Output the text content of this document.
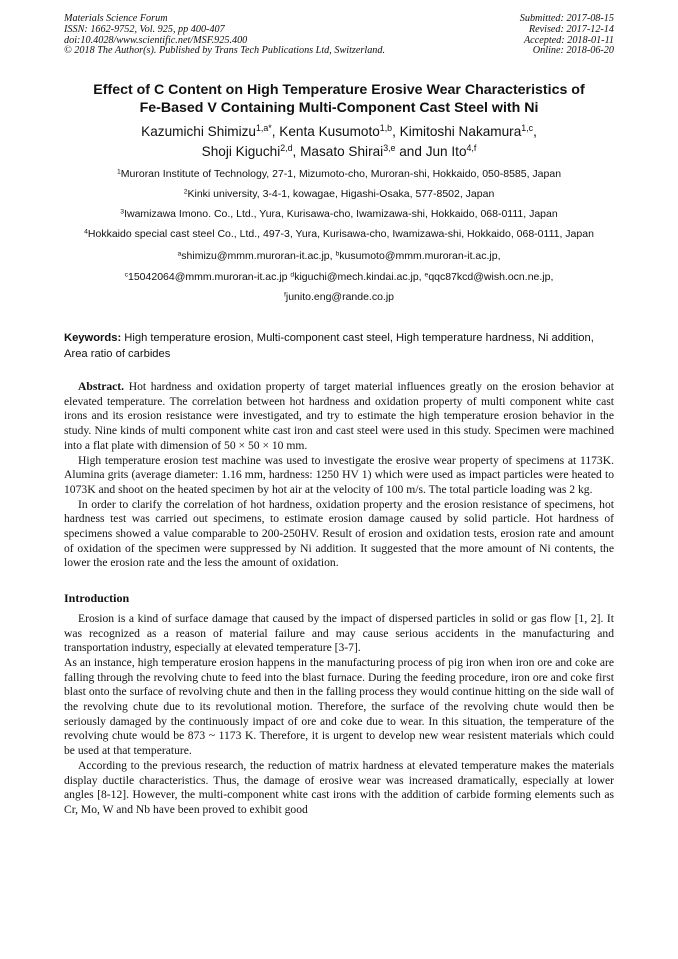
Materials Science Forum
ISSN: 1662-9752, Vol. 925, pp 400-407
doi:10.4028/www.scientific.net/MSF.925.400
© 2018 The Author(s). Published by Trans Tech Publications Ltd, Switzerland.
Submitted: 2017-08-15
Revised: 2017-12-14
Accepted: 2018-01-11
Online: 2018-06-20
Effect of C Content on High Temperature Erosive Wear Characteristics of
Fe-Based V Containing Multi-Component Cast Steel with Ni
Kazumichi Shimizu$^{1,a*}$, Kenta Kusumoto$^{1,b}$, Kimitoshi Nakamura$^{1,c}$,
Shoji Kiguchi$^{2,d}$, Masato Shirai$^{3,e}$ and Jun Ito$^{4,f}$
$^1$Muroran Institute of Technology, 27-1, Mizumoto-cho, Muroran-shi, Hokkaido, 050-8585, Japan
$^2$Kinki university, 3-4-1, kowagae, Higashi-Osaka, 577-8502, Japan
$^3$Iwamizawa Imono. Co., Ltd., Yura, Kurisawa-cho, Iwamizawa-shi, Hokkaido, 068-0111, Japan
$^4$Hokkaido special cast steel Co., Ltd., 497-3, Yura, Kurisawa-cho, Iwamizawa-shi, Hokkaido, 068-0111, Japan
$^a$shimizu@mmm.muroran-it.ac.jp, $^b$kusumoto@mmm.muroran-it.ac.jp,
$^c$15042064@mmm.muroran-it.ac.jp $^d$kiguchi@mech.kindai.ac.jp, $^e$qqc87kcd@wish.ocn.ne.jp,
$^f$junito.eng@rande.co.jp
Keywords: High temperature erosion, Multi-component cast steel, High temperature hardness, Ni addition, Area ratio of carbides

Abstract. Hot hardness and oxidation property of target material influences greatly on the erosion behavior at elevated temperature. The correlation between hot hardness and oxidation property of multi component white cast irons and its erosion resistance were investigated, and try to estimate the high temperature erosion behavior in the study. Nine kinds of multi component white cast iron and cast steel were used in this study. Specimen were machined into a flat plate with dimension of 50 × 50 × 10 mm.

High temperature erosion test machine was used to investigate the erosive wear property of specimens at 1173K. Alumina grits (average diameter: 1.16 mm, hardness: 1250 HV 1) which were used as impact particles were heated to 1073K and shoot on the heated specimen by hot air at the velocity of 100 m/s. The total particle loading was 2 kg.

In order to clarify the correlation of hot hardness, oxidation property and the erosion resistance of specimens, hot hardness test was carried out specimens, to estimate erosion damage caused by solid particle. Hot hardness of specimens showed a value comparable to 200-250HV. Result of erosion and oxidation tests, erosion rate and amount of oxidation of the specimen were suppressed by Ni addition. It suggested that the more amount of Ni contents, the lower the erosion rate and the less the amount of oxidation.

Introduction

Erosion is a kind of surface damage that caused by the impact of dispersed particles in solid or gas flow [1, 2]. It was recognized as a reason of material failure and may cause serious accidents in the manufacturing and transportation industry, especially at elevated temperature [3-7].

As an instance, high temperature erosion happens in the manufacturing process of pig iron when iron ore and coke are falling through the revolving chute to feed into the blast furnace. During the feeding procedure, iron ore and coke first blast onto the surface of revolving chute and then in the falling process they would continue hitting on the side wall of the revolving chute due to its revolutional motion. Therefore, the surface of the revolving chute would then be seriously damaged by the continuously impact of ore and coke due to wear. In this situation, the temperature of the revolving chute would be 873 ~ 1173 K. Therefore, it is urgent to develop new wear resistent materials which could be used at that temperature.

According to the previous research, the reduction of matrix hardness at elevated temperature makes the materials display ductile characteristics. Thus, the damage of erosive wear was increased dramatically, especially at lower angles [8-12]. However, the multi-component white cast irons with the addition of carbide forming elements such as Cr, Mo, W and Nb have been proved to exhibit good
